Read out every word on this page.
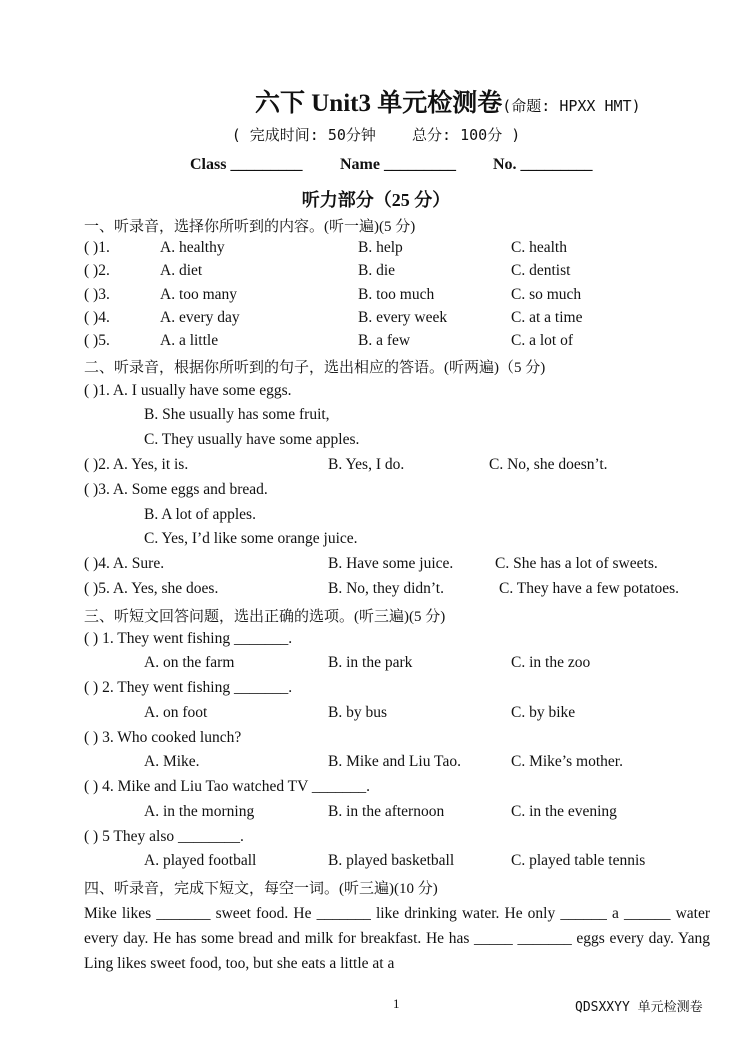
六下 Unit3 单元检测卷(命题: HPXX HMT)
( 完成时间: 50分钟    总分: 100分 )
Class _________ Name _________ No. _________
听力部分（25 分）
一、听录音，选择你所听到的内容。(听一遍)(5 分)
( )1.	A. healthy	B. help	C. health
( )2.	A. diet	B. die	C. dentist
( )3.	A. too many	B. too much	C. so much
( )4.	A. every day	B. every week	C. at a time
( )5.	A. a little	B. a few	C. a lot of
二、听录音，根据你所听到的句子，选出相应的答语。(听两遍)（5 分)
( )1. A. I usually have some eggs.
B. She usually has some fruit,
C. They usually have some apples.
( )2. A. Yes, it is.	B. Yes, I do.	C. No, she doesn’t.
( )3. A. Some eggs and bread.
B. A lot of apples.
C. Yes, I’d like some orange juice.
( )4. A. Sure.	B. Have some juice.	C. She has a lot of sweets.
( )5. A. Yes, she does.	B. No, they didn’t.	C. They have a few potatoes.
三、听短文回答问题，选出正确的选项。(听三遍)(5 分)
( ) 1. They went fishing _______.
A. on the farm	B. in the park	C. in the zoo
( ) 2. They went fishing _______.
A. on foot	B. by bus	C. by bike
( ) 3. Who cooked lunch?
A. Mike.	B. Mike and Liu Tao.	C. Mike’s mother.
( ) 4. Mike and Liu Tao watched TV _______.
A. in the morning	B. in the afternoon	C. in the evening
( ) 5 They also ________.
A. played football	B. played basketball	C. played table tennis
四、听录音，完成下短文，每空一词。(听三遍)(10 分)
Mike likes _______ sweet food. He _______ like drinking water. He only ______ a ______ water every day. He has some bread and milk for breakfast. He has _____ _______ eggs every day. Yang Ling likes sweet food, too, but she eats a little at a
1	QDSXXYY 单元检测卷
